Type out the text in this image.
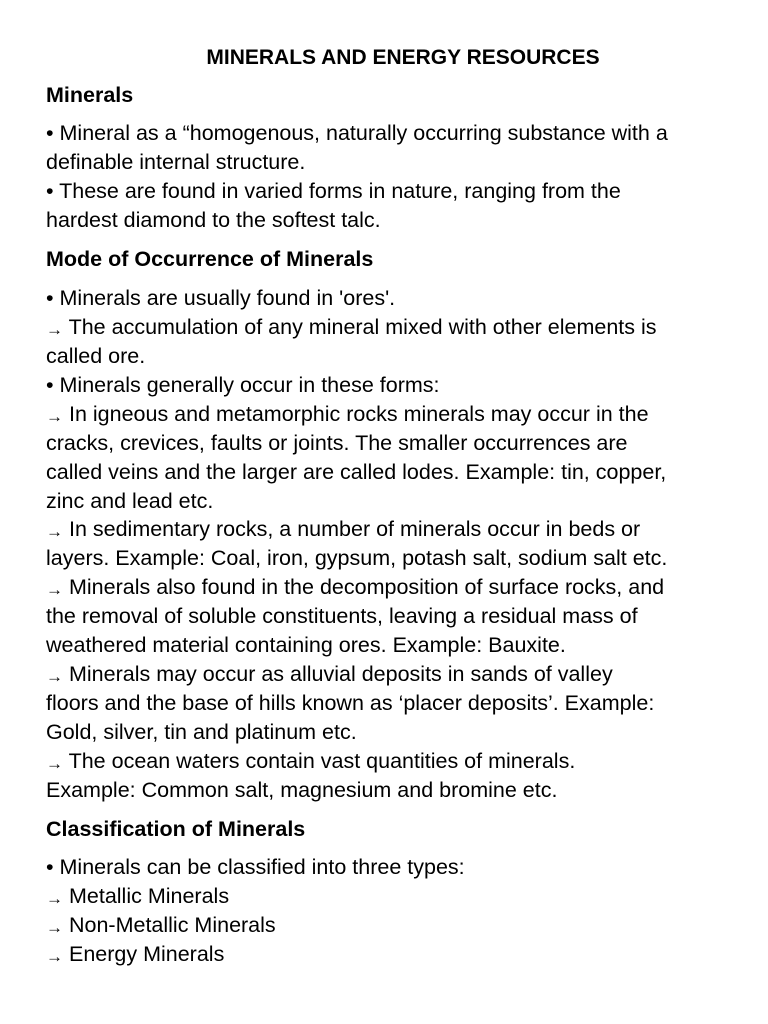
MINERALS AND ENERGY RESOURCES
Minerals
• Mineral as a “homogenous, naturally occurring substance with a
definable internal structure.
• These are found in varied forms in nature, ranging from the
hardest diamond to the softest talc.
Mode of Occurrence of Minerals
• Minerals are usually found in 'ores'.
→ The accumulation of any mineral mixed with other elements is
called ore.
• Minerals generally occur in these forms:
→ In igneous and metamorphic rocks minerals may occur in the
cracks, crevices, faults or joints. The smaller occurrences are
called veins and the larger are called lodes. Example: tin, copper,
zinc and lead etc.
→ In sedimentary rocks, a number of minerals occur in beds or
layers. Example: Coal, iron, gypsum, potash salt, sodium salt etc.
→ Minerals also found in the decomposition of surface rocks, and
the removal of soluble constituents, leaving a residual mass of
weathered material containing ores. Example: Bauxite.
→ Minerals may occur as alluvial deposits in sands of valley
floors and the base of hills known as ‘placer deposits’. Example:
Gold, silver, tin and platinum etc.
→ The ocean waters contain vast quantities of minerals.
Example: Common salt, magnesium and bromine etc.
Classification of Minerals
• Minerals can be classified into three types:
→ Metallic Minerals
→ Non-Metallic Minerals
→ Energy Minerals
